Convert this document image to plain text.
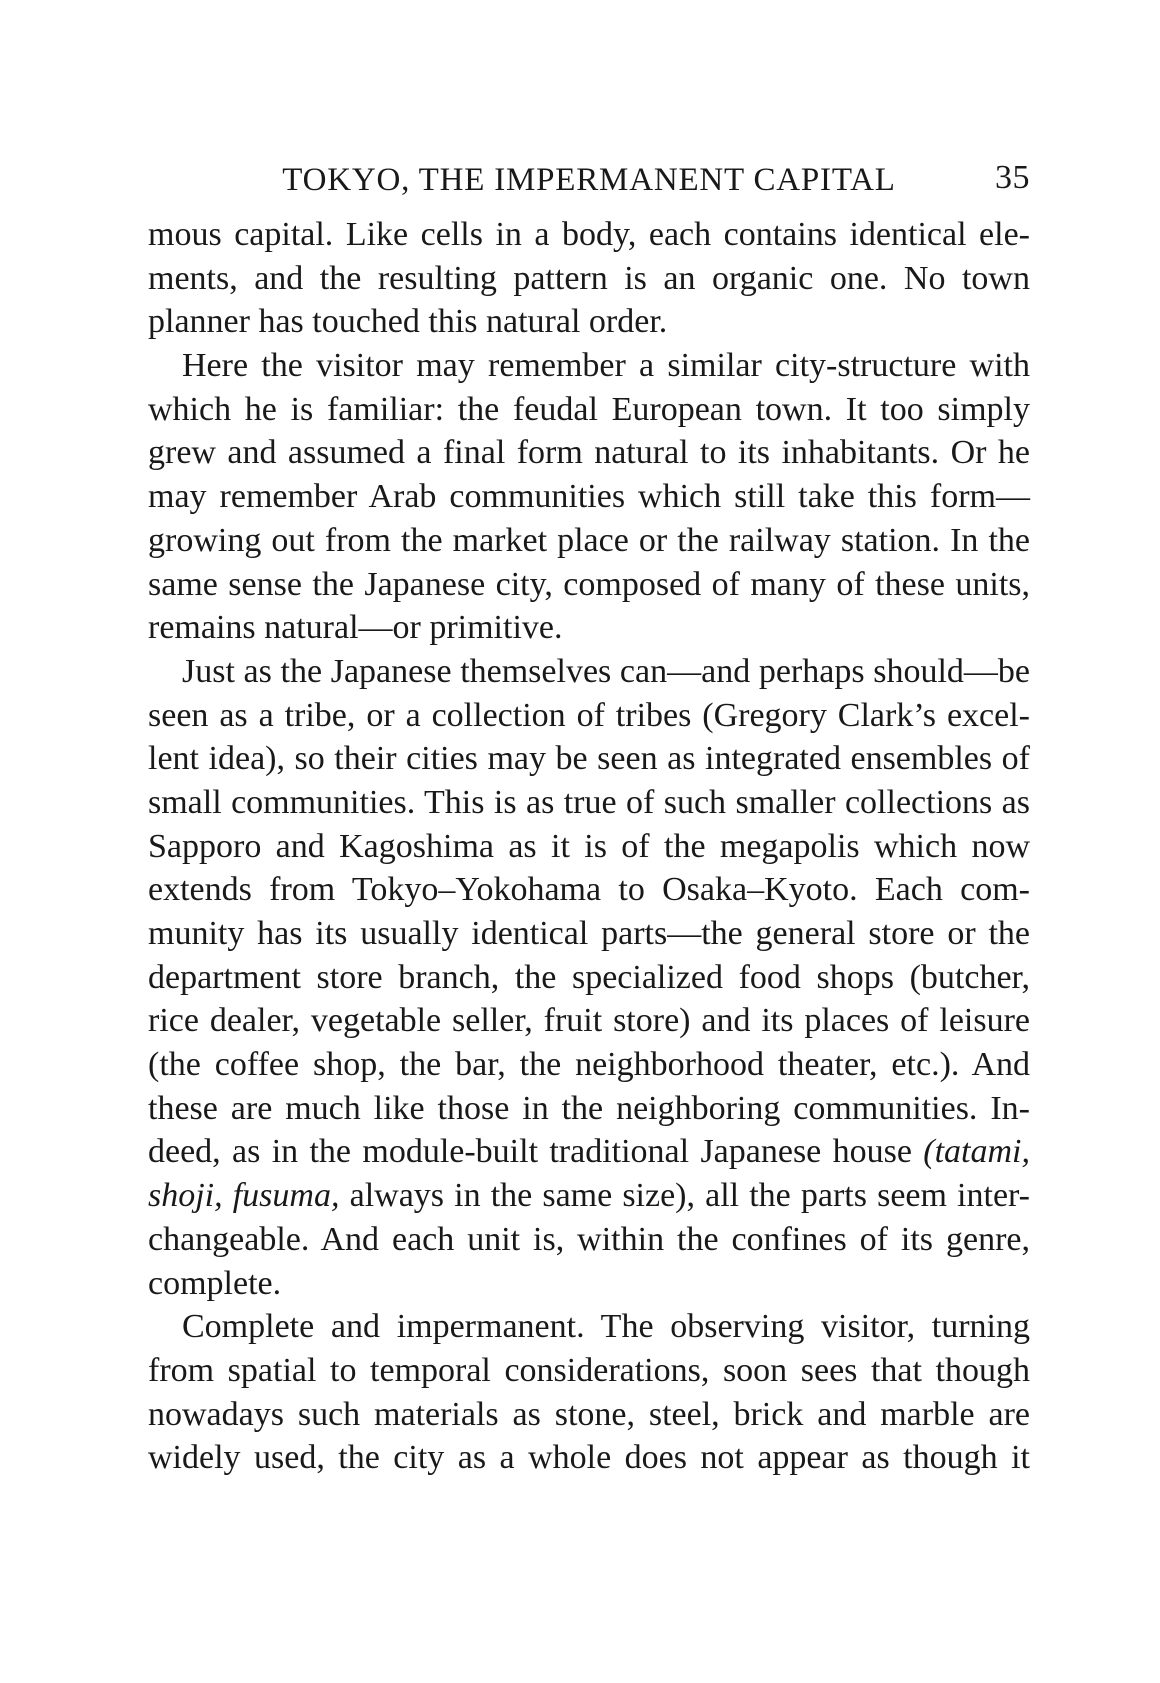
TOKYO, THE IMPERMANENT CAPITAL	35
mous capital. Like cells in a body, each contains identical ele-
ments, and the resulting pattern is an organic one. No town
planner has touched this natural order.
Here the visitor may remember a similar city-structure with
which he is familiar: the feudal European town. It too simply
grew and assumed a final form natural to its inhabitants. Or he
may remember Arab communities which still take this form—
growing out from the market place or the railway station. In the
same sense the Japanese city, composed of many of these units,
remains natural—or primitive.
Just as the Japanese themselves can—and perhaps should—be
seen as a tribe, or a collection of tribes (Gregory Clark’s excel-
lent idea), so their cities may be seen as integrated ensembles of
small communities. This is as true of such smaller collections as
Sapporo and Kagoshima as it is of the megapolis which now
extends from Tokyo–Yokohama to Osaka–Kyoto. Each com-
munity has its usually identical parts—the general store or the
department store branch, the specialized food shops (butcher,
rice dealer, vegetable seller, fruit store) and its places of leisure
(the coffee shop, the bar, the neighborhood theater, etc.). And
these are much like those in the neighboring communities. In-
deed, as in the module-built traditional Japanese house (tatami,
shoji, fusuma, always in the same size), all the parts seem inter-
changeable. And each unit is, within the confines of its genre,
complete.
Complete and impermanent. The observing visitor, turning
from spatial to temporal considerations, soon sees that though
nowadays such materials as stone, steel, brick and marble are
widely used, the city as a whole does not appear as though it
